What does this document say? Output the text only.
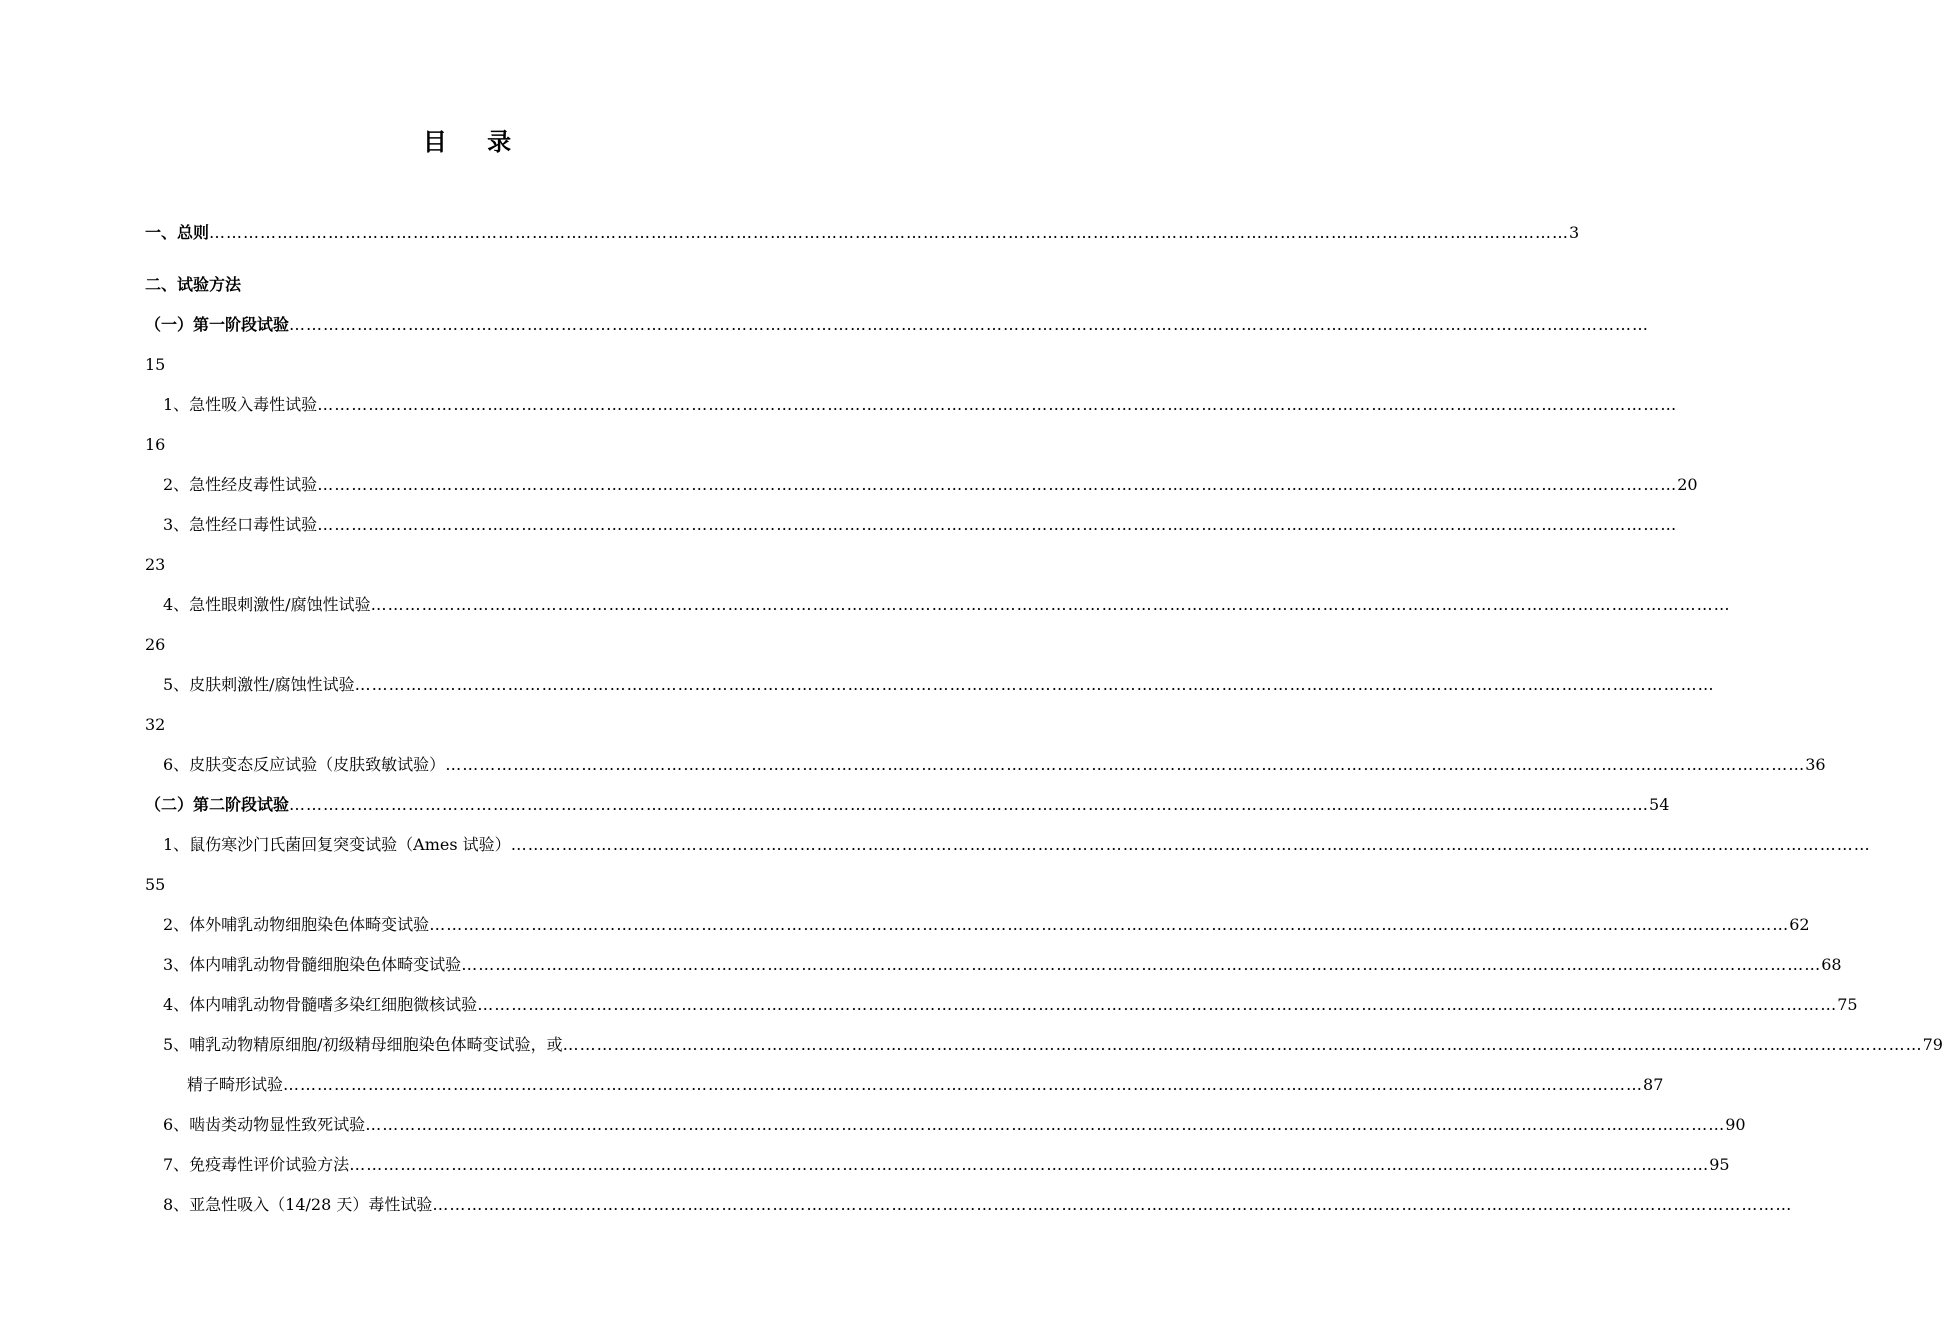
目 录
一、总则 …………………………………………………………………………………………………………………………………………………………………………………………………………………… 3
二、试验方法
（一）第一阶段试验 ……………………………………………………………………………………………………………………………………………………………………………………………………………………
15
1、急性吸入毒性试验 ……………………………………………………………………………………………………………………………………………………………………………………………………………………
16
2、急性经皮毒性试验 …………………………………………………………………………………………………………………………………………………………………………………………………………………… 20
3、急性经口毒性试验 ……………………………………………………………………………………………………………………………………………………………………………………………………………………
23
4、急性眼刺激性/腐蚀性试验 ……………………………………………………………………………………………………………………………………………………………………………………………………………………
26
5、皮肤刺激性/腐蚀性试验 ……………………………………………………………………………………………………………………………………………………………………………………………………………………
32
6、皮肤变态反应试验（皮肤致敏试验） …………………………………………………………………………………………………………………………………………………………………………………………………………………… 36
（二）第二阶段试验 …………………………………………………………………………………………………………………………………………………………………………………………………………………… 54
1、鼠伤寒沙门氏菌回复突变试验（Ames 试验） ……………………………………………………………………………………………………………………………………………………………………………………………………………………
55
2、体外哺乳动物细胞染色体畸变试验 …………………………………………………………………………………………………………………………………………………………………………………………………………………… 62
3、体内哺乳动物骨髓细胞染色体畸变试验 …………………………………………………………………………………………………………………………………………………………………………………………………………………… 68
4、体内哺乳动物骨髓嗜多染红细胞微核试验 …………………………………………………………………………………………………………………………………………………………………………………………………………………… 75
5、哺乳动物精原细胞/初级精母细胞染色体畸变试验，或 …………………………………………………………………………………………………………………………………………………………………………………………………………………… 79
精子畸形试验 …………………………………………………………………………………………………………………………………………………………………………………………………………………… 87
6、啮齿类动物显性致死试验 …………………………………………………………………………………………………………………………………………………………………………………………………………………… 90
7、免疫毒性评价试验方法 …………………………………………………………………………………………………………………………………………………………………………………………………………………… 95
8、亚急性吸入（14/28 天）毒性试验 ……………………………………………………………………………………………………………………………………………………………………………………………………………………
